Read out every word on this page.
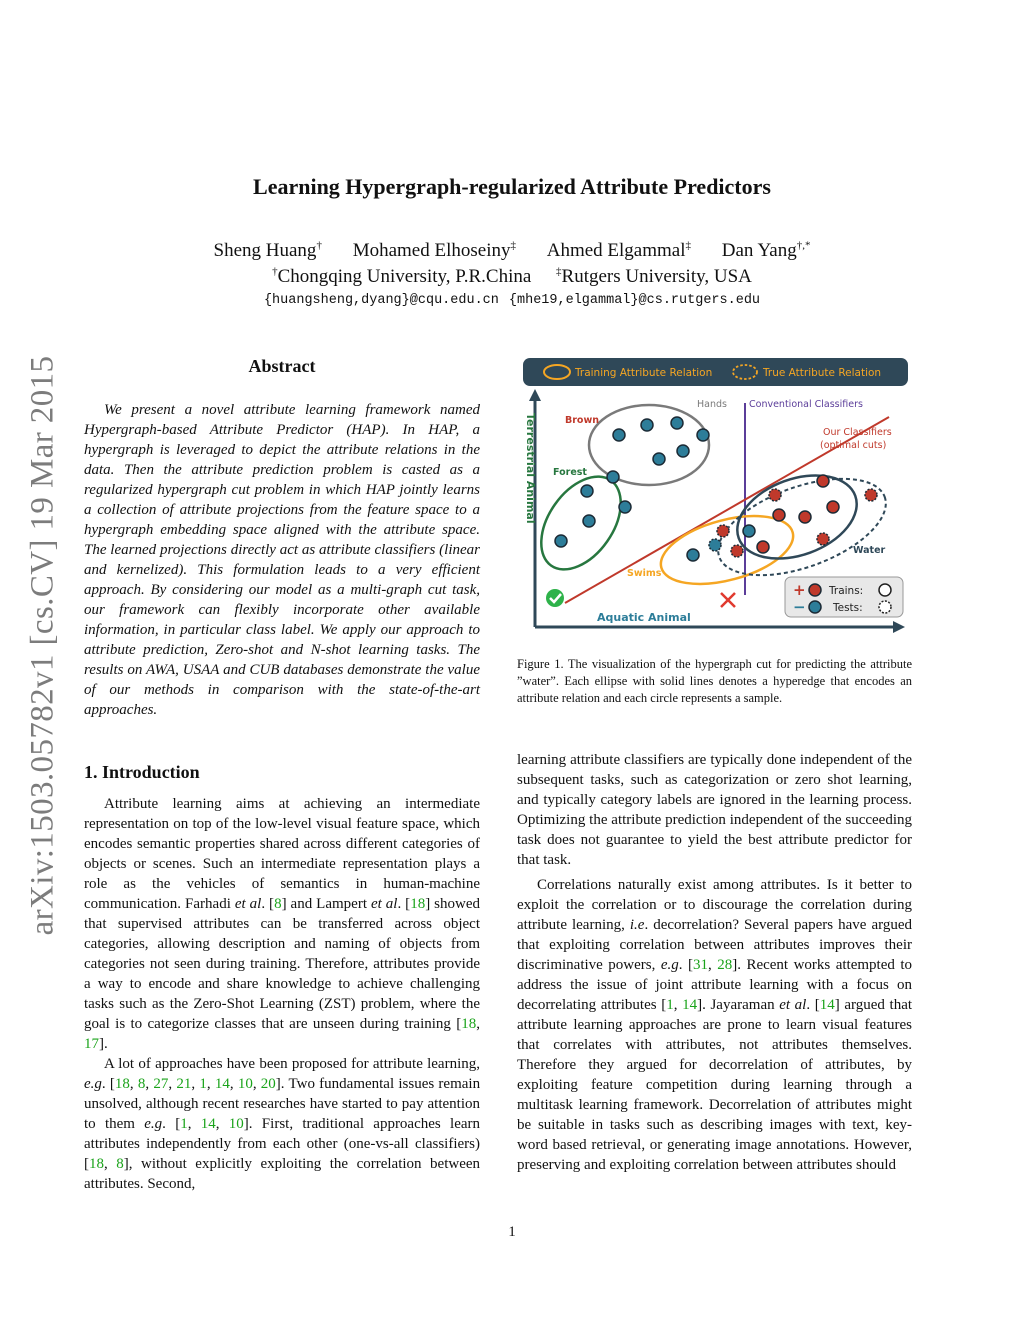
arXiv:1503.05782v1 [cs.CV] 19 Mar 2015
Learning Hypergraph-regularized Attribute Predictors
Sheng Huang† Mohamed Elhoseiny‡ Ahmed Elgammal‡ Dan Yang†,*
†Chongqing University, P.R.China ‡Rutgers University, USA
{huangsheng,dyang}@cqu.edu.cn {mhe19,elgammal}@cs.rutgers.edu
Abstract

We present a novel attribute learning framework named Hypergraph-based Attribute Predictor (HAP). In HAP, a hypergraph is leveraged to depict the attribute relations in the data. Then the attribute prediction problem is casted as a regularized hypergraph cut problem in which HAP jointly learns a collection of attribute projections from the feature space to a hypergraph embedding space aligned with the attribute space. The learned projections directly act as attribute classifiers (linear and kernelized). This formulation leads to a very efficient approach. By considering our model as a multi-graph cut task, our framework can flexibly incorporate other available information, in particular class label. We apply our approach to attribute prediction, Zero-shot and N-shot learning tasks. The results on AWA, USAA and CUB databases demonstrate the value of our methods in comparison with the state-of-the-art approaches.

1. Introduction

Attribute learning aims at achieving an intermediate representation on top of the low-level visual feature space, which encodes semantic properties shared across different categories of objects or scenes. Such an intermediate representation plays a role as the vehicles of semantics in human-machine communication. Farhadi et al. [8] and Lampert et al. [18] showed that supervised attributes can be transferred across object categories, allowing description and naming of objects from categories not seen during training. Therefore, attributes provide a way to encode and share knowledge to achieve challenging tasks such as the Zero-Shot Learning (ZST) problem, where the goal is to categorize classes that are unseen during training [18, 17].

A lot of approaches have been proposed for attribute learning, e.g. [18, 8, 27, 21, 1, 14, 10, 20]. Two fundamental issues remain unsolved, although recent researches have started to pay attention to them e.g. [1, 14, 10]. First, traditional approaches learn attributes independently from each other (one-vs-all classifiers) [18, 8], without explicitly exploiting the correlation between attributes. Second,

Training Attribute Relation	True Attribute Relation
Terrestrial Animal
Aquatic Animal
Conventional Classifiers
Our Classifiers
(optimal cuts)
Hands
Brown
Forest
Swims
Water
+
−
Trains:
Tests:

Figure 1. The visualization of the hypergraph cut for predicting the attribute ”water”. Each ellipse with solid lines denotes a hyperedge that encodes an attribute relation and each circle represents a sample.

learning attribute classifiers are typically done independent of the subsequent tasks, such as categorization or zero shot learning, and typically category labels are ignored in the learning process. Optimizing the attribute prediction independent of the succeeding task does not guarantee to yield the best attribute predictor for that task.

Correlations naturally exist among attributes. Is it better to exploit the correlation or to discourage the correlation during attribute learning, i.e. decorrelation? Several papers have argued that exploiting correlation between attributes improves their discriminative powers, e.g. [31, 28]. Recent works attempted to address the issue of joint attribute learning with a focus on decorrelating attributes [1, 14]. Jayaraman et al. [14] argued that attribute learning approaches are prone to learn visual features that correlates with attributes, not attributes themselves. Therefore they argued for decorrelation of attributes, by exploiting feature competition during learning through a multitask learning framework. Decorrelation of attributes might be suitable in tasks such as describing images with text, key-word based retrieval, or generating image annotations. However, preserving and exploiting correlation between attributes should

1
